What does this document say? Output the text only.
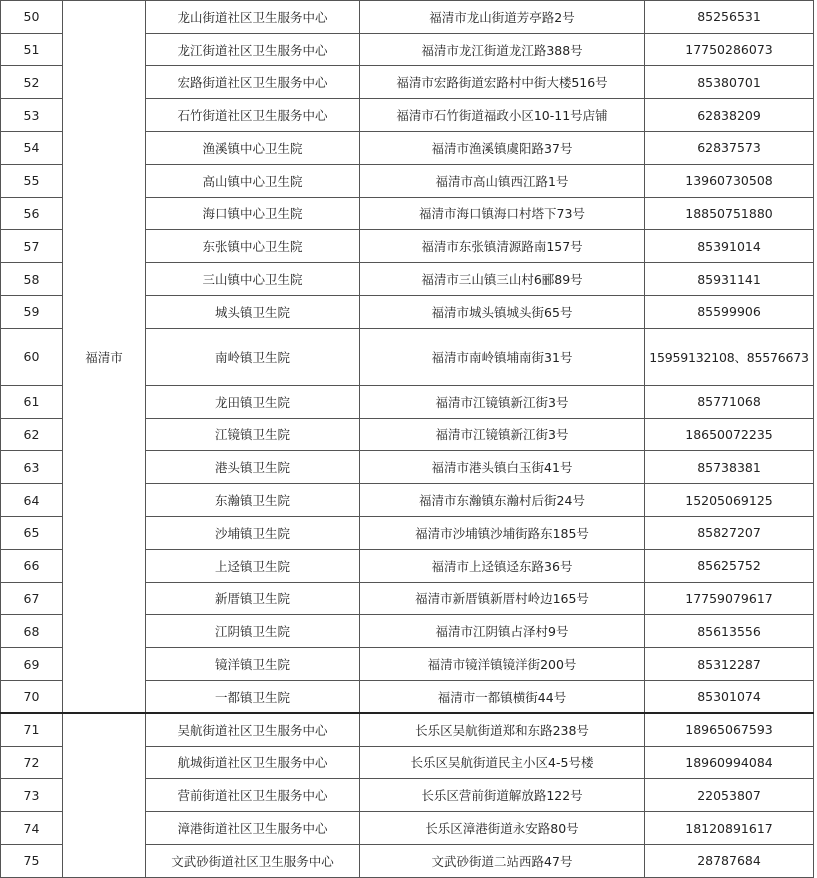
50	福清市	龙山街道社区卫生服务中心	福清市龙山街道芳亭路2号	85256531
51		龙江街道社区卫生服务中心	福清市龙江街道龙江路388号	17750286073
52		宏路街道社区卫生服务中心	福清市宏路街道宏路村中街大楼516号	85380701
53		石竹街道社区卫生服务中心	福清市石竹街道福政小区10-11号店铺	62838209
54		渔溪镇中心卫生院	福清市渔溪镇虞阳路37号	62837573
55		高山镇中心卫生院	福清市高山镇西江路1号	13960730508
56		海口镇中心卫生院	福清市海口镇海口村塔下73号	18850751880
57		东张镇中心卫生院	福清市东张镇清源路南157号	85391014
58		三山镇中心卫生院	福清市三山镇三山村6郦89号	85931141
59		城头镇卫生院	福清市城头镇城头街65号	85599906
60		南岭镇卫生院	福清市南岭镇埔南街31号	15959132108、85576673
61		龙田镇卫生院	福清市江镜镇新江街3号	85771068
62		江镜镇卫生院	福清市江镜镇新江街3号	18650072235
63		港头镇卫生院	福清市港头镇白玉街41号	85738381
64		东瀚镇卫生院	福清市东瀚镇东瀚村后街24号	15205069125
65		沙埔镇卫生院	福清市沙埔镇沙埔街路东185号	85827207
66		上迳镇卫生院	福清市上迳镇迳东路36号	85625752
67		新厝镇卫生院	福清市新厝镇新厝村岭边165号	17759079617
68		江阴镇卫生院	福清市江阴镇占泽村9号	85613556
69		镜洋镇卫生院	福清市镜洋镇镜洋街200号	85312287
70		一都镇卫生院	福清市一都镇横街44号	85301074
71		吴航街道社区卫生服务中心	长乐区吴航街道郑和东路238号	18965067593
72		航城街道社区卫生服务中心	长乐区吴航街道民主小区4-5号楼	18960994084
73		营前街道社区卫生服务中心	长乐区营前街道解放路122号	22053807
74		漳港街道社区卫生服务中心	长乐区漳港街道永安路80号	18120891617
75		文武砂街道社区卫生服务中心	文武砂街道二站西路47号	28787684
